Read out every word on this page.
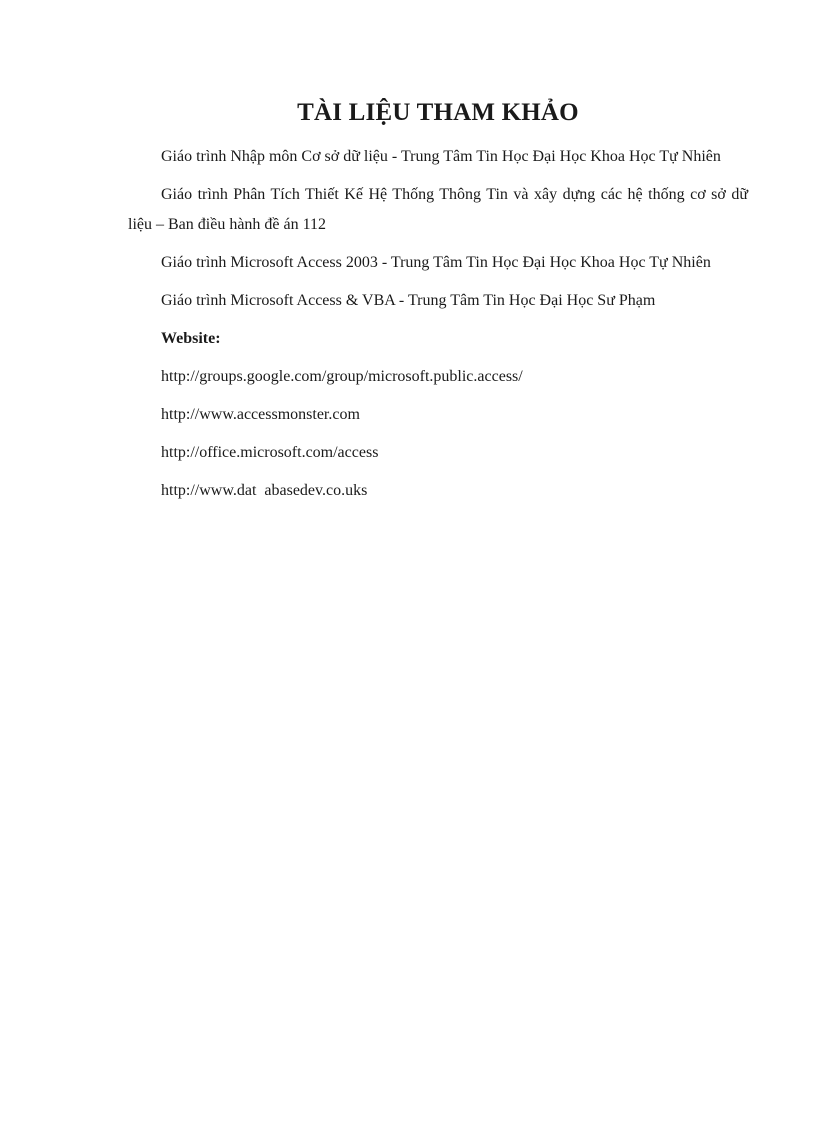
TÀI LIỆU THAM KHẢO

Giáo trình Nhập môn Cơ sở dữ liệu - Trung Tâm Tin Học Đại Học Khoa Học Tự Nhiên

Giáo trình Phân Tích Thiết Kế Hệ Thống Thông Tin và xây dựng các hệ thống cơ sở dữ liệu – Ban điều hành đề án 112

Giáo trình Microsoft Access 2003 - Trung Tâm Tin Học Đại Học Khoa Học Tự Nhiên

Giáo trình Microsoft Access & VBA - Trung Tâm Tin Học Đại Học Sư Phạm

Website:

http://groups.google.com/group/microsoft.public.access/

http://www.accessmonster.com

http://office.microsoft.com/access

http://www.dat  abasedev.co.uks
